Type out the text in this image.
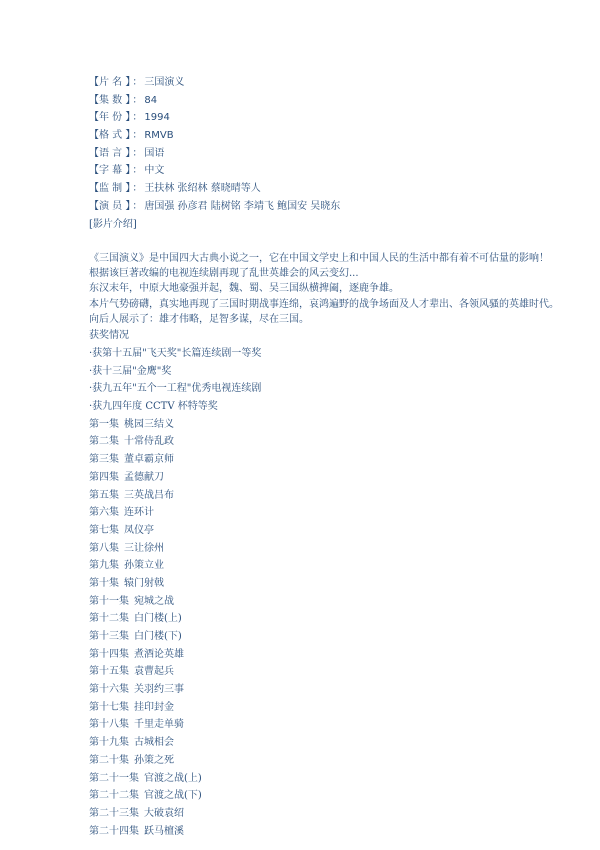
【片 名 】 ： 三国演义
【集 数 】 ： 84
【年 份 】 ： 1994
【格 式 】 ： RMVB
【语 言 】 ： 国语
【字 幕 】 ： 中文
【监 制 】 ： 王扶林 张绍林 蔡晓晴等人
【演 员 】 ： 唐国强 孙彦君 陆树铭 李靖飞 鲍国安 吴晓东
[影片介绍]
《三国演义》是中国四大古典小说之一，它在中国文学史上和中国人民的生活中都有着不可估量的影响！
根据该巨著改编的电视连续剧再现了乱世英雄会的风云变幻...
东汉末年，中原大地豪强并起，魏、蜀、吴三国纵横捭阖，逐鹿争雄。
本片气势磅礴，真实地再现了三国时期战事连绵，哀鸿遍野的战争场面及人才辈出、各领风骚的英雄时代。
向后人展示了：雄才伟略，足智多谋，尽在三国。
获奖情况
·获第十五届"飞天奖"长篇连续剧一等奖
·获十三届"金鹰"奖
·获九五年"五个一工程"优秀电视连续剧
·获九四年度 CCTV 杯特等奖
第一集 桃园三结义
第二集 十常侍乱政
第三集 董卓霸京师
第四集 孟德献刀
第五集 三英战吕布
第六集 连环计
第七集 凤仪亭
第八集 三让徐州
第九集 孙策立业
第十集 辕门射戟
第十一集 宛城之战
第十二集 白门楼(上)
第十三集 白门楼(下)
第十四集 煮酒论英雄
第十五集 袁曹起兵
第十六集 关羽约三事
第十七集 挂印封金
第十八集 千里走单骑
第十九集 古城相会
第二十集 孙策之死
第二十一集 官渡之战(上)
第二十二集 官渡之战(下)
第二十三集 大破袁绍
第二十四集 跃马檀溪
